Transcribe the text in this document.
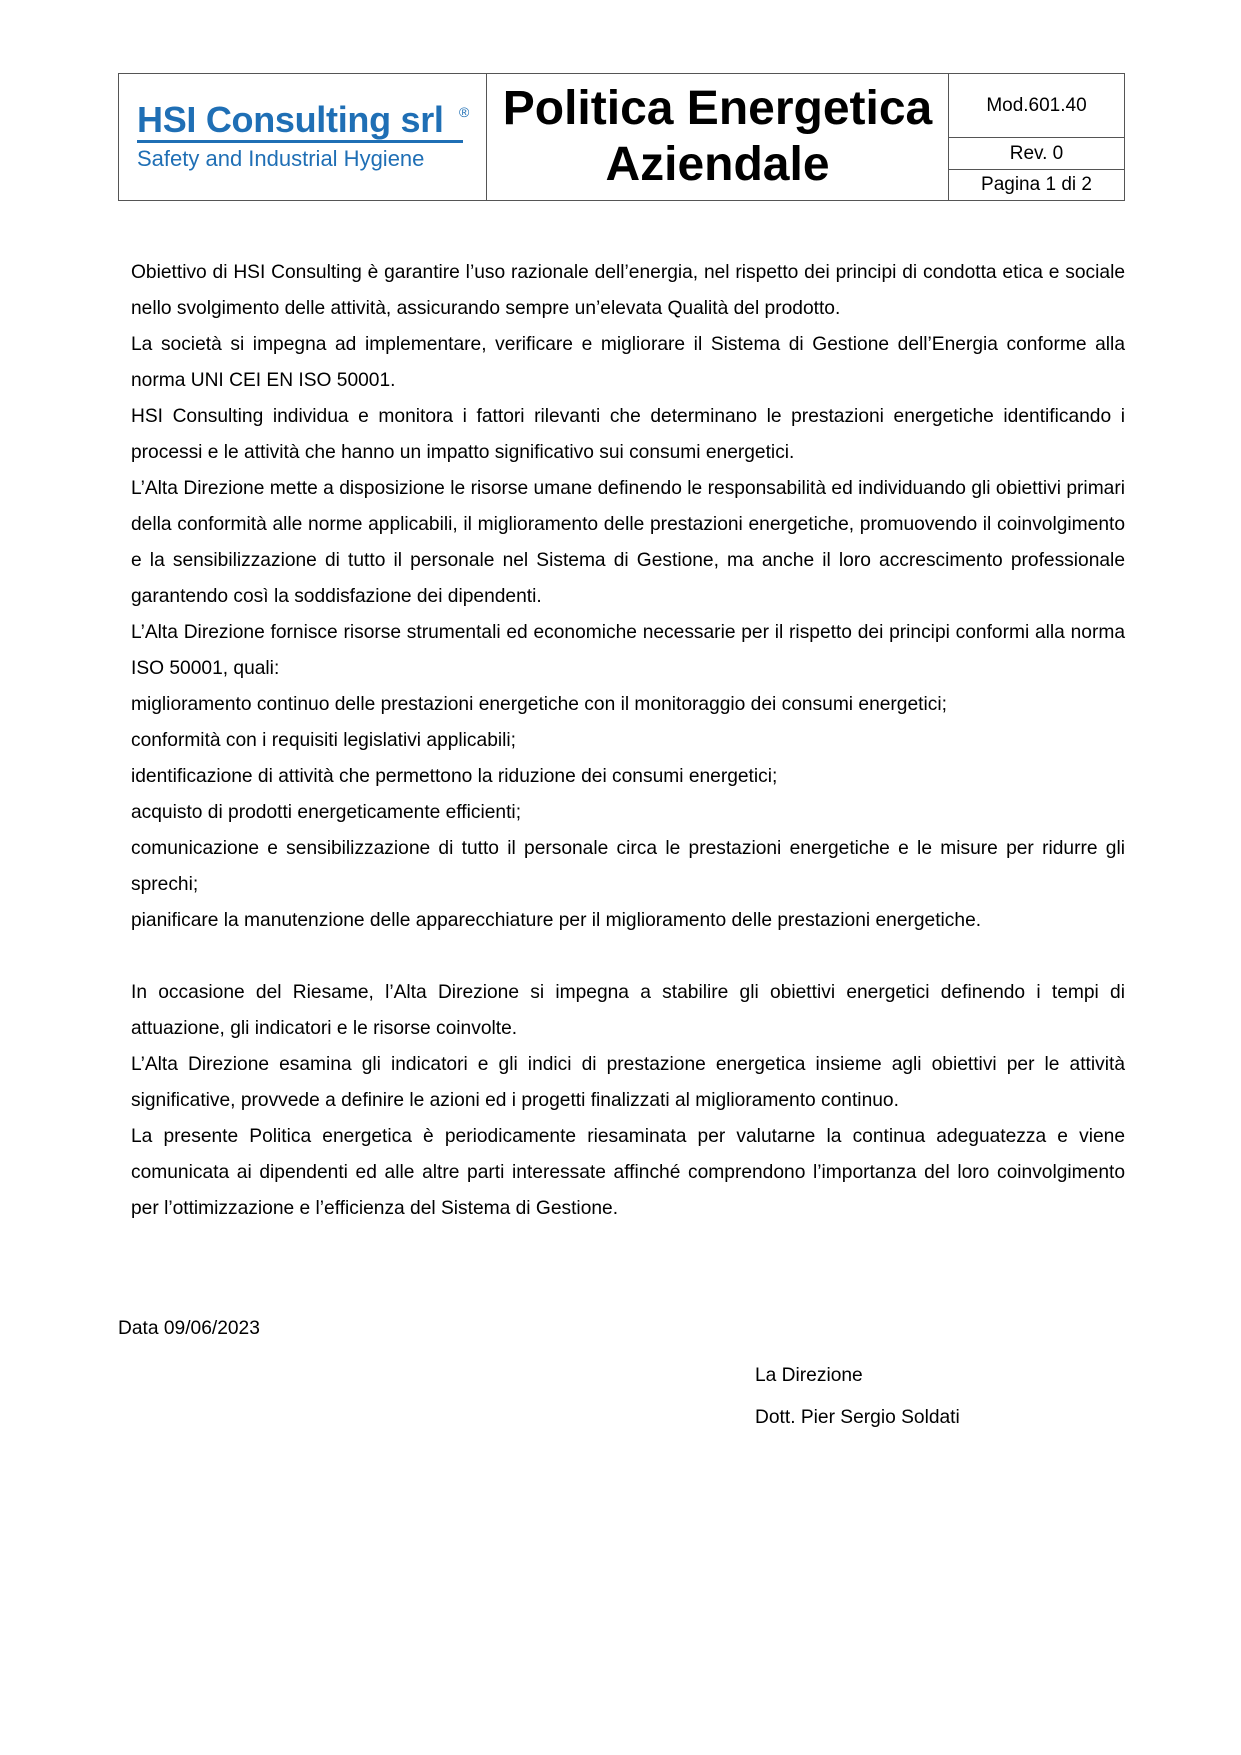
HSI Consulting srl ®
Safety and Industrial Hygiene
Politica Energetica
Aziendale
Mod.601.40
Rev. 0
Pagina 1 di 2

Obiettivo di HSI Consulting è garantire l’uso razionale dell’energia, nel rispetto dei principi di condotta etica e sociale nello svolgimento delle attività, assicurando sempre un’elevata Qualità del prodotto.

La società si impegna ad implementare, verificare e migliorare il Sistema di Gestione dell’Energia conforme alla norma UNI CEI EN ISO 50001.

HSI Consulting individua e monitora i fattori rilevanti che determinano le prestazioni energetiche identificando i processi e le attività che hanno un impatto significativo sui consumi energetici.

L’Alta Direzione mette a disposizione le risorse umane definendo le responsabilità ed individuando gli obiettivi primari della conformità alle norme applicabili, il miglioramento delle prestazioni energetiche, promuovendo il coinvolgimento e la sensibilizzazione di tutto il personale nel Sistema di Gestione, ma anche il loro accrescimento professionale garantendo così la soddisfazione dei dipendenti.

L’Alta Direzione fornisce risorse strumentali ed economiche necessarie per il rispetto dei principi conformi alla norma ISO 50001, quali:

miglioramento continuo delle prestazioni energetiche con il monitoraggio dei consumi energetici;

conformità con i requisiti legislativi applicabili;

identificazione di attività che permettono la riduzione dei consumi energetici;

acquisto di prodotti energeticamente efficienti;

comunicazione e sensibilizzazione di tutto il personale circa le prestazioni energetiche e le misure per ridurre gli sprechi;

pianificare la manutenzione delle apparecchiature per il miglioramento delle prestazioni energetiche.

In occasione del Riesame, l’Alta Direzione si impegna a stabilire gli obiettivi energetici definendo i tempi di attuazione, gli indicatori e le risorse coinvolte.

L’Alta Direzione esamina gli indicatori e gli indici di prestazione energetica insieme agli obiettivi per le attività significative, provvede a definire le azioni ed i progetti finalizzati al miglioramento continuo.

La presente Politica energetica è periodicamente riesaminata per valutarne la continua adeguatezza e viene comunicata ai dipendenti ed alle altre parti interessate affinché comprendono l’importanza del loro coinvolgimento per l’ottimizzazione e l’efficienza del Sistema di Gestione.

Data 09/06/2023
La Direzione
Dott. Pier Sergio Soldati
